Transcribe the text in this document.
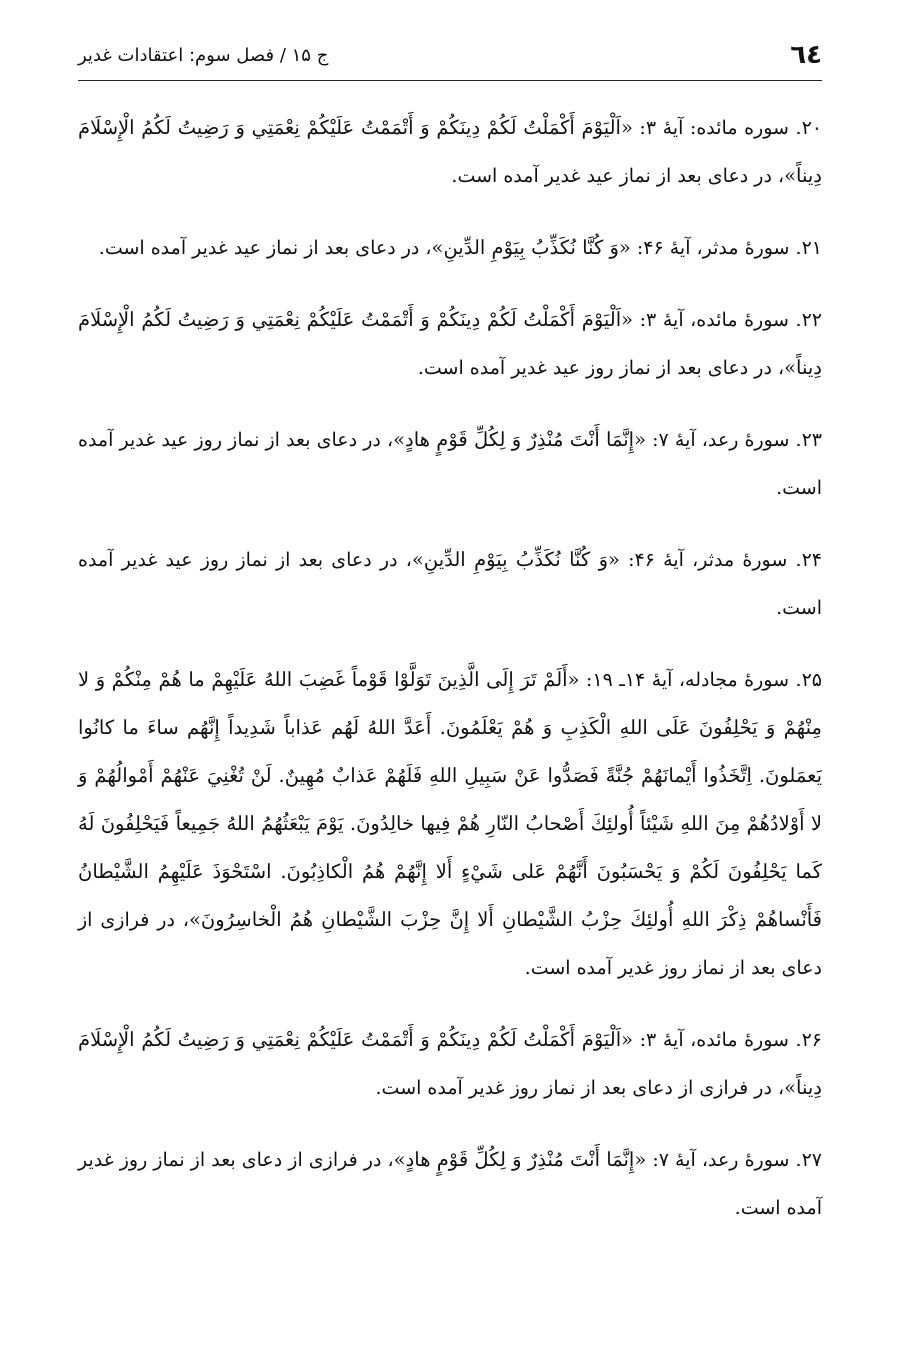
٦٤
ج ۱۵ / فصل سوم: اعتقادات غدیر

۲۰. سوره مائده: آیهٔ ۳: «اَلْيَوْمَ أَكْمَلْتُ لَكُمْ دِينَكُمْ وَ أَتْمَمْتُ عَلَيْكُمْ نِعْمَتِي وَ رَضِيتُ لَكُمُ الْإِسْلَامَ دِيناً»، در دعای بعد از نماز عید غدیر آمده است.

۲۱. سورهٔ مدثر، آیهٔ ۴۶: «وَ كُنَّا نُكَذِّبُ بِيَوْمِ الدِّينِ»، در دعای بعد از نماز عید غدیر آمده است.

۲۲. سورهٔ مائده، آیهٔ ۳: «اَلْيَوْمَ أَكْمَلْتُ لَكُمْ دِينَكُمْ وَ أَتْمَمْتُ عَلَيْكُمْ نِعْمَتِي وَ رَضِيتُ لَكُمُ الْإِسْلَامَ دِيناً»، در دعای بعد از نماز روز عید غدیر آمده است.

۲۳. سورهٔ رعد، آیهٔ ۷: «إِنَّمَا أَنْتَ مُنْذِرٌ وَ لِكُلِّ قَوْمٍ هادٍ»، در دعای بعد از نماز روز عید غدیر آمده است.

۲۴. سورهٔ مدثر، آیهٔ ۴۶: «وَ كُنَّا نُكَذِّبُ بِيَوْمِ الدِّينِ»، در دعای بعد از نماز روز عید غدیر آمده است.

۲۵. سورهٔ مجادله، آیهٔ ۱۴ـ ۱۹: «أَلَمْ تَرَ إِلَى الَّذِينَ تَوَلَّوْا قَوْماً غَضِبَ اللهُ عَلَيْهِمْ ما هُمْ مِنْكُمْ وَ لا مِنْهُمْ وَ يَحْلِفُونَ عَلَى اللهِ الْكَذِبِ وَ هُمْ يَعْلَمُونَ. أَعَدَّ اللهُ لَهُم عَذاباً شَدِيداً إِنَّهُم ساءَ ما كانُوا يَعمَلونَ. اِتَّخَذُوا أَيْمانَهُمْ جُنَّةً فَصَدُّوا عَنْ سَبِيلِ اللهِ فَلَهُمْ عَذابٌ مُهِينٌ. لَنْ تُغْنِيَ عَنْهُمْ أَمْوالُهُمْ وَ لا أَوْلادُهُمْ مِنَ اللهِ شَيْئاً أُولئِكَ أَصْحابُ النّارِ هُمْ فِيها خالِدُونَ. يَوْمَ يَبْعَثُهُمُ اللهُ جَمِيعاً فَيَحْلِفُونَ لَهُ كَما يَحْلِفُونَ لَكُمْ وَ يَحْسَبُونَ أَنَّهُمْ عَلى شَيْءٍ أَلا إِنَّهُمْ هُمُ الْكاذِبُونَ. اسْتَحْوَذَ عَلَيْهِمُ الشَّيْطانُ فَأَنْساهُمْ ذِكْرَ اللهِ أُولئِكَ حِزْبُ الشَّيْطانِ أَلا إِنَّ حِزْبَ الشَّيْطانِ هُمُ الْخاسِرُونَ»، در فرازی از دعای بعد از نماز روز غدیر آمده است.

۲۶. سورهٔ مائده، آیهٔ ۳: «اَلْيَوْمَ أَكْمَلْتُ لَكُمْ دِينَكُمْ وَ أَتْمَمْتُ عَلَيْكُمْ نِعْمَتِي وَ رَضِيتُ لَكُمُ الْإِسْلَامَ دِيناً»، در فرازی از دعای بعد از نماز روز غدیر آمده است.

۲۷. سورهٔ رعد، آیهٔ ۷: «إِنَّمَا أَنْتَ مُنْذِرٌ وَ لِكُلِّ قَوْمٍ هادٍ»، در فرازی از دعای بعد از نماز روز غدیر آمده است.
